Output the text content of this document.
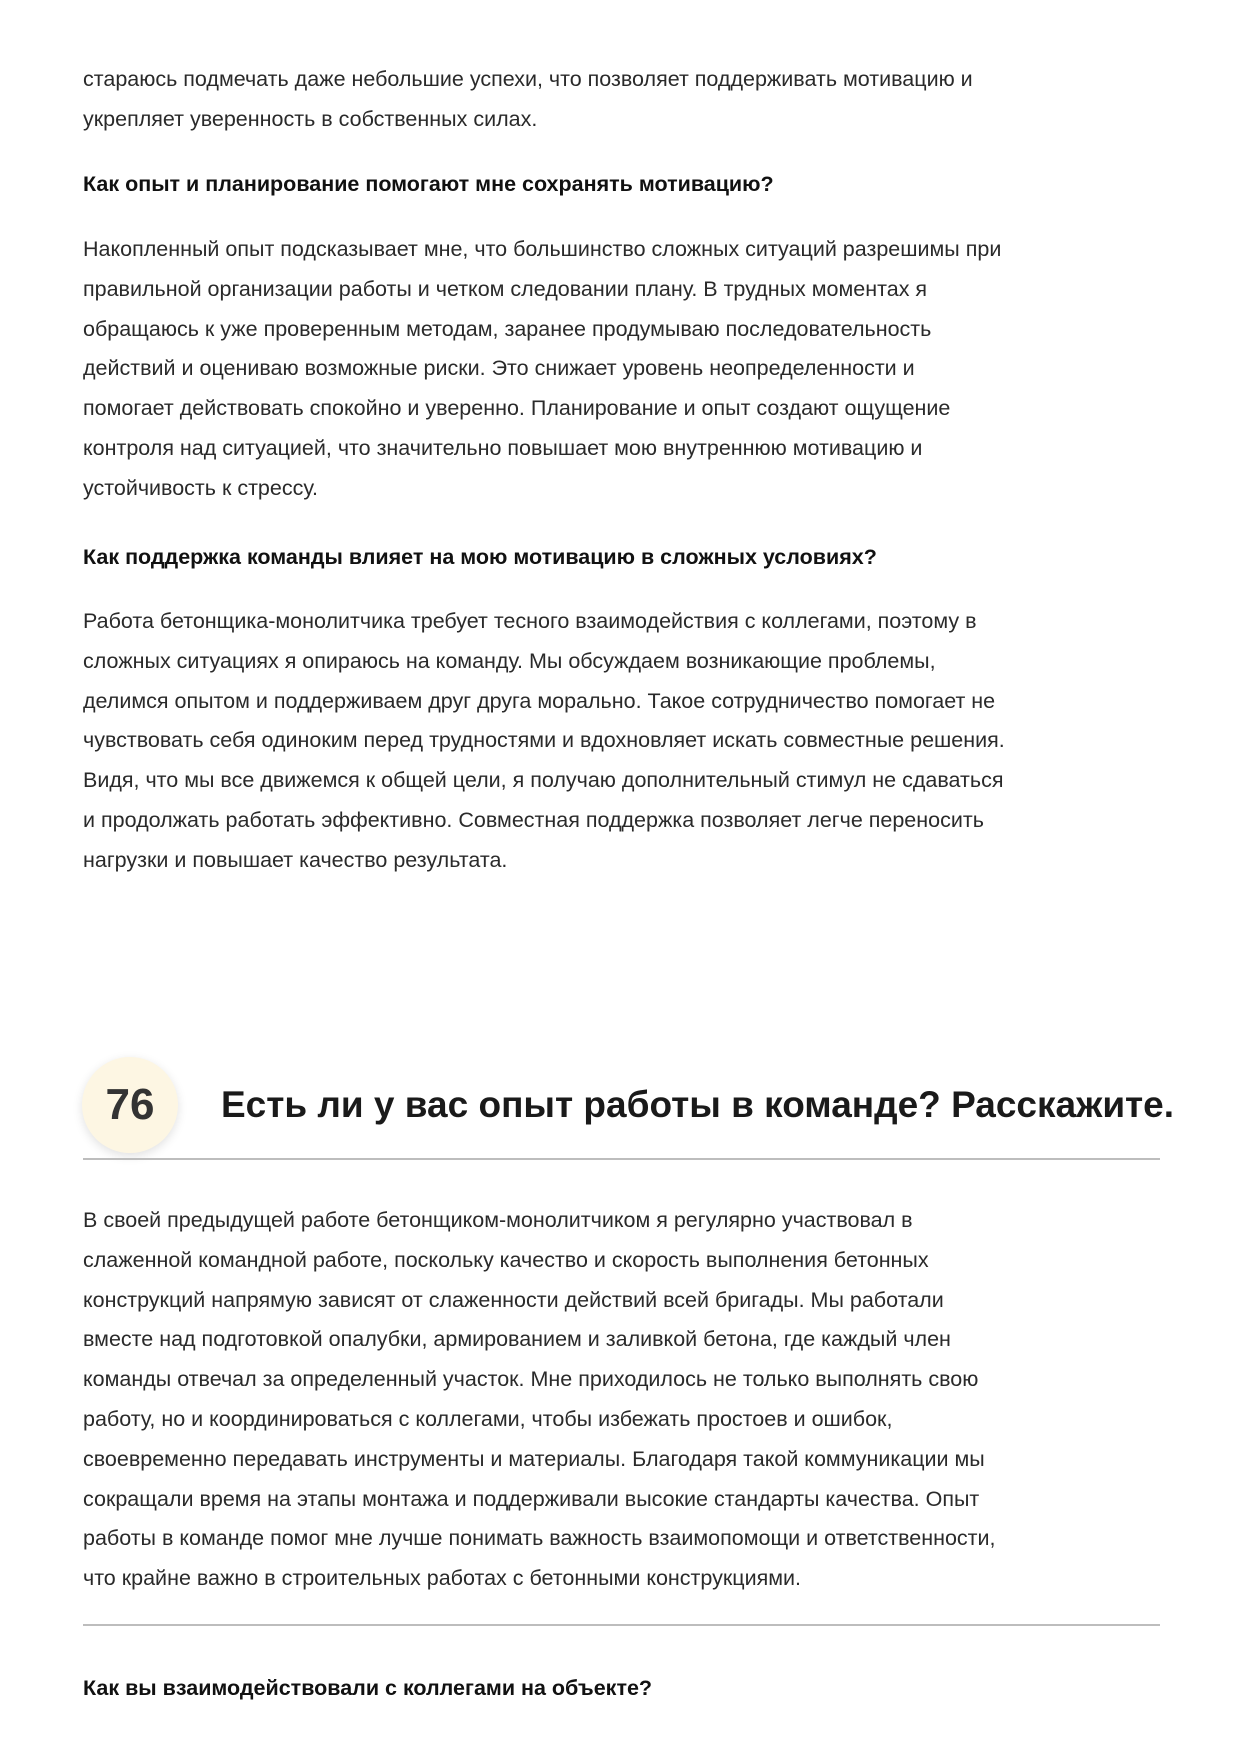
стараюсь подмечать даже небольшие успехи, что позволяет поддерживать мотивацию и
укрепляет уверенность в собственных силах.
Как опыт и планирование помогают мне сохранять мотивацию?
Накопленный опыт подсказывает мне, что большинство сложных ситуаций разрешимы при
правильной организации работы и четком следовании плану. В трудных моментах я
обращаюсь к уже проверенным методам, заранее продумываю последовательность
действий и оцениваю возможные риски. Это снижает уровень неопределенности и
помогает действовать спокойно и уверенно. Планирование и опыт создают ощущение
контроля над ситуацией, что значительно повышает мою внутреннюю мотивацию и
устойчивость к стрессу.
Как поддержка команды влияет на мою мотивацию в сложных условиях?
Работа бетонщика-монолитчика требует тесного взаимодействия с коллегами, поэтому в
сложных ситуациях я опираюсь на команду. Мы обсуждаем возникающие проблемы,
делимся опытом и поддерживаем друг друга морально. Такое сотрудничество помогает не
чувствовать себя одиноким перед трудностями и вдохновляет искать совместные решения.
Видя, что мы все движемся к общей цели, я получаю дополнительный стимул не сдаваться
и продолжать работать эффективно. Совместная поддержка позволяет легче переносить
нагрузки и повышает качество результата.
76	Есть ли у вас опыт работы в команде? Расскажите.
В своей предыдущей работе бетонщиком-монолитчиком я регулярно участвовал в
слаженной командной работе, поскольку качество и скорость выполнения бетонных
конструкций напрямую зависят от слаженности действий всей бригады. Мы работали
вместе над подготовкой опалубки, армированием и заливкой бетона, где каждый член
команды отвечал за определенный участок. Мне приходилось не только выполнять свою
работу, но и координироваться с коллегами, чтобы избежать простоев и ошибок,
своевременно передавать инструменты и материалы. Благодаря такой коммуникации мы
сокращали время на этапы монтажа и поддерживали высокие стандарты качества. Опыт
работы в команде помог мне лучше понимать важность взаимопомощи и ответственности,
что крайне важно в строительных работах с бетонными конструкциями.
Как вы взаимодействовали с коллегами на объекте?
